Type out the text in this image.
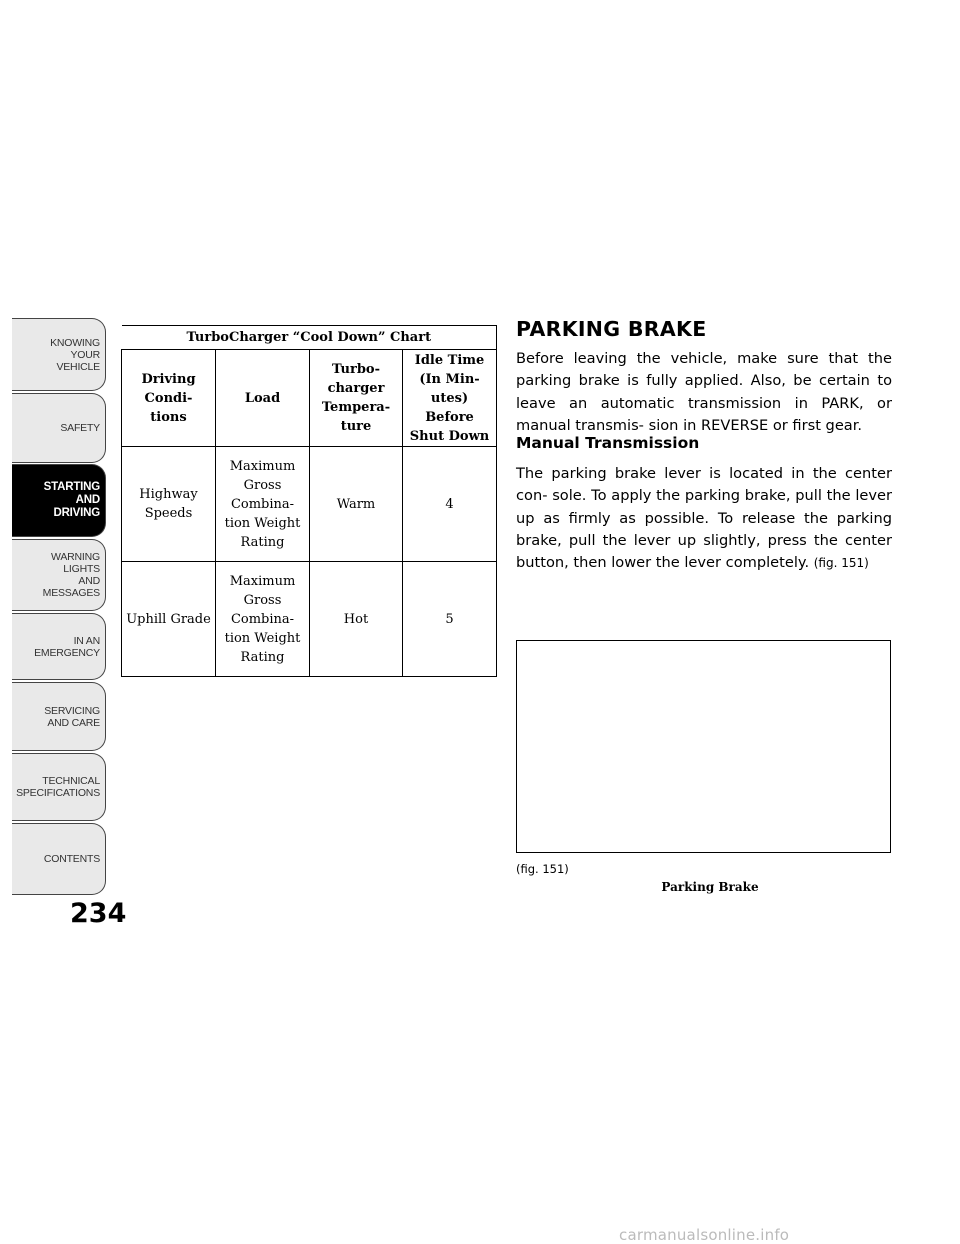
KNOWING
YOUR
VEHICLE
SAFETY
STARTING
AND
DRIVING
WARNING
LIGHTS
AND
MESSAGES
IN AN
EMERGENCY
SERVICING
AND CARE
TECHNICAL
SPECIFICATIONS
CONTENTS
234
TurboCharger “Cool Down” Chart			
Driving Condi- tions	Load	Turbo- charger Tempera- ture	Idle Time (In Min- utes) Before Shut Down
Highway Speeds	Maximum Gross Combina- tion Weight Rating	Warm	4
Uphill Grade	Maximum Gross Combina- tion Weight Rating	Hot	5
PARKING BRAKE
Before leaving the vehicle, make sure that the parking brake is fully applied. Also, be certain to leave an automatic transmission in PARK, or manual transmis- sion in REVERSE or first gear.
Manual Transmission
The parking brake lever is located in the center con- sole. To apply the parking brake, pull the lever up as firmly as possible. To release the parking brake, pull the lever up slightly, press the center button, then lower the lever completely. (fig. 151)
(fig. 151)
Parking Brake
carmanualsonline.info
